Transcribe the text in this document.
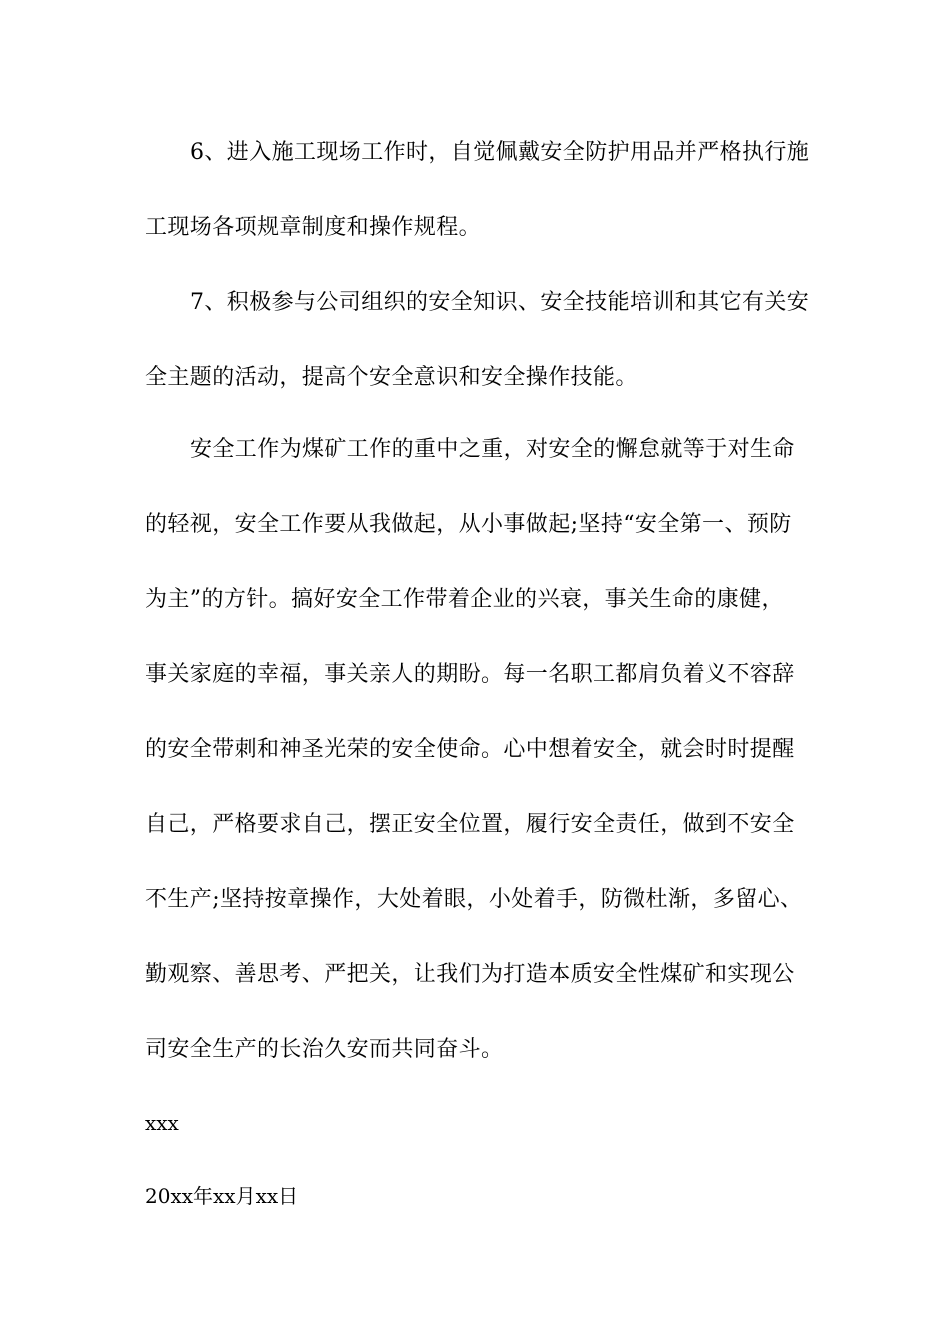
6、进入施工现场工作时，自觉佩戴安全防护用品并严格执行施
工现场各项规章制度和操作规程。
7、积极参与公司组织的安全知识、安全技能培训和其它有关安
全主题的活动，提高个安全意识和安全操作技能。
安全工作为煤矿工作的重中之重，对安全的懈怠就等于对生命
的轻视，安全工作要从我做起，从小事做起;坚持“安全第一、预防
为主”的方针。搞好安全工作带着企业的兴衰，事关生命的康健，
事关家庭的幸福，事关亲人的期盼。每一名职工都肩负着义不容辞
的安全带刺和神圣光荣的安全使命。心中想着安全，就会时时提醒
自己，严格要求自己，摆正安全位置，履行安全责任，做到不安全
不生产;坚持按章操作，大处着眼，小处着手，防微杜渐，多留心、
勤观察、善思考、严把关，让我们为打造本质安全性煤矿和实现公
司安全生产的长治久安而共同奋斗。
xxx
20xx年xx月xx日
